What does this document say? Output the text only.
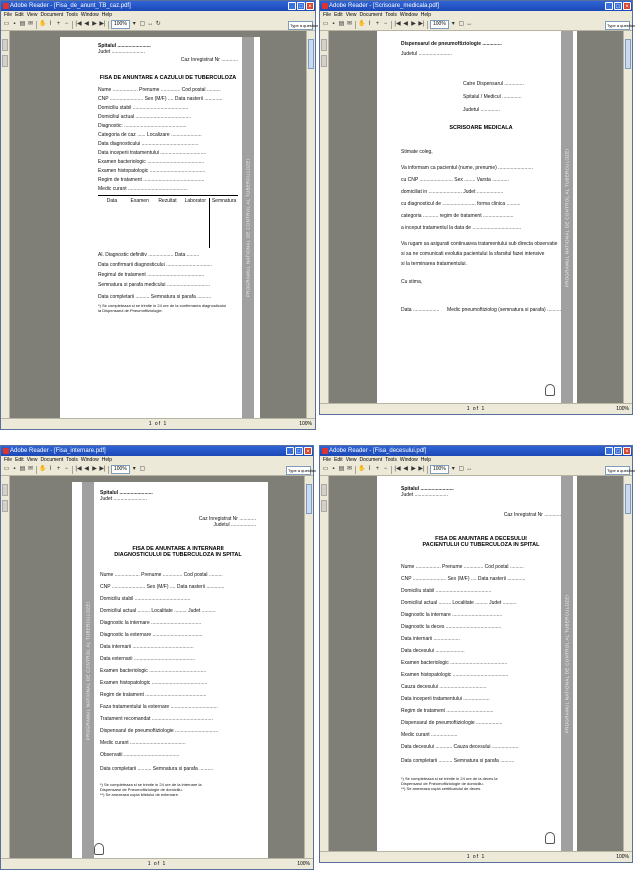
Adobe Reader - [Fisa_de_anunt_TB_caz.pdf]	_ □ ×
File Edit View Document Tools Window Help
▭ ▪ ▤ ✉ ✋ I + − |◀ ◀ ▶ ▶|	100% ▾ ▢ ↔ ↻	Type a question
PROGRAMUL NATIONAL DE CONTROL AL TUBERCULOZEI
Spitalul ........................
Judet ........................
Caz Inregistrat Nr ............
FISA DE ANUNTARE A CAZULUI DE TUBERCULOZA
Nume .................. Prenume .............. Cod postal ..........
CNP ........................ Sex (M/F) .... Data nasterii .............
Domiciliu stabil ........................................
Domiciliul actual ........................................
Diagnostic: .............................................
Categoria de caz ...... Localizare ......................
Data diagnosticului .........................................
Data inceperii tratamentului .................................
Examen bacteriologic .........................................
Examen histopatologic ........................................
Regim de tratament ............................................
Medic curant ...........................................
Data	Examen	Rezultat	Laborator	Semnatura
Al. Diagnostic definitiv .................. Data .........
Data confirmarii diagnosticului .................................
Regimul de tratament .........................................
Semnatura si parafa medicului ...............................
Data completarii .......... Semnatura si parafa ..........
*) Se completeaza si se trimite in 24 ore de la confirmarea diagnosticului
la Dispensarul de Pneumoftiziologie.
1 of 1	100%
Adobe Reader - [Scrisoare_medicala.pdf]	_ □ ×
File Edit View Document Tools Window Help
▭ ▪ ▤ ✉ ✋ I + − |◀ ◀ ▶ ▶|	100% ▾ ▢ ↔	Type a question
PROGRAMUL NATIONAL DE CONTROL AL TUBERCULOZEI
Dispensarul de pneumoftiziologie ..............
Judetul ........................
Catre Dispensarul ..............
Spitalul / Medicul ..............
Judetul ..............
SCRISOARE MEDICALA
Stimate coleg,
Va informam ca pacientul (nume, prenume) .........................
cu CNP ........................ Sex ........ Varsta ............
domiciliat in ........................ Judet ...................
cu diagnosticul de ........................ forma clinica ..........
categoria ........... regim de tratament ......................
a inceput tratamentul la data de ...................................
Va rugam sa asigurati continuarea tratamentului sub directa observatie
si sa ne comunicati evolutia pacientului la sfarsitul fazei intensive
si la terminarea tratamentului.
Cu stima,
Data ................... Medic pneumoftiziolog (semnatura si parafa) ..........
1 of 1	100%
Adobe Reader - [Fisa_internare.pdf]	_ □ ×
File Edit View Document Tools Window Help
▭ ▪ ▤ ✉ ✋ I + − |◀ ◀ ▶ ▶|	100% ▾ ▢	Type a question
PROGRAMUL NATIONAL DE CONTROL AL TUBERCULOZEI
Spitalul ........................
Judet ........................
Caz Inregistrat Nr ............
Judetul ..................
FISA DE ANUNTARE A INTERNARII
DIAGNOSTICULUI DE TUBERCULOZA IN SPITAL
Nume .................. Prenume .............. Cod postal ..........
CNP ........................ Sex (M/F) .... Data nasterii .............
Domiciliu stabil ........................................
Domiciliul actual ......... Localitate ......... Judet ..........
Diagnostic la internare ....................................
Diagnostic la externare ....................................
Data internarii ............................................
Data externarii ............................................
Examen bacteriologic .........................................
Examen histopatologic ........................................
Regim de tratament ............................................
Faza tratamentului la externare ..................................
Tratament recomandat ............................................
Dispensarul de pneumoftiziologie ...............................
Medic curant ........................................
Observatii ........................................
Data completarii .......... Semnatura si parafa ..........
*) Se completeaza si se trimite in 24 ore de la internare la
Dispensarul de Pneumoftiziologie de domiciliu.
**) Se anexeaza copia biletului de externare.
1 of 1	100%
Adobe Reader - [Fisa_decesului.pdf]	_ □ ×
File Edit View Document Tools Window Help
▭ ▪ ▤ ✉ ✋ I + − |◀ ◀ ▶ ▶|	100% ▾ ▢ ↔	Type a question
PROGRAMUL NATIONAL DE CONTROL AL TUBERCULOZEI
Spitalul ........................
Judet ........................
Caz Inregistrat Nr ............
FISA DE ANUNTARE A DECESULUI
PACIENTULUI CU TUBERCULOZA IN SPITAL
Nume .................. Prenume .............. Cod postal ..........
CNP ........................ Sex (M/F) .... Data nasterii .............
Domiciliu stabil ........................................
Domiciliul actual ......... Localitate ......... Judet ..........
Diagnostic la internare ....................................
Diagnostic la deces ........................................
Data internarii ...................
Data decesului .....................
Examen bacteriologic .........................................
Examen histopatologic ........................................
Cauza decesului ..................................
Data inceperii tratamentului ...................
Regim de tratament ..................................
Dispensarul de pneumoftiziologie ...................
Medic curant ...................
Data decesului ............ Cauza decesului ...................
Data completarii .......... Semnatura si parafa ..........
*) Se completeaza si se trimite in 24 ore de la deces la
Dispensarul de Pneumoftiziologie de domiciliu.
**) Se anexeaza copia certificatului de deces.
1 of 1	100%
